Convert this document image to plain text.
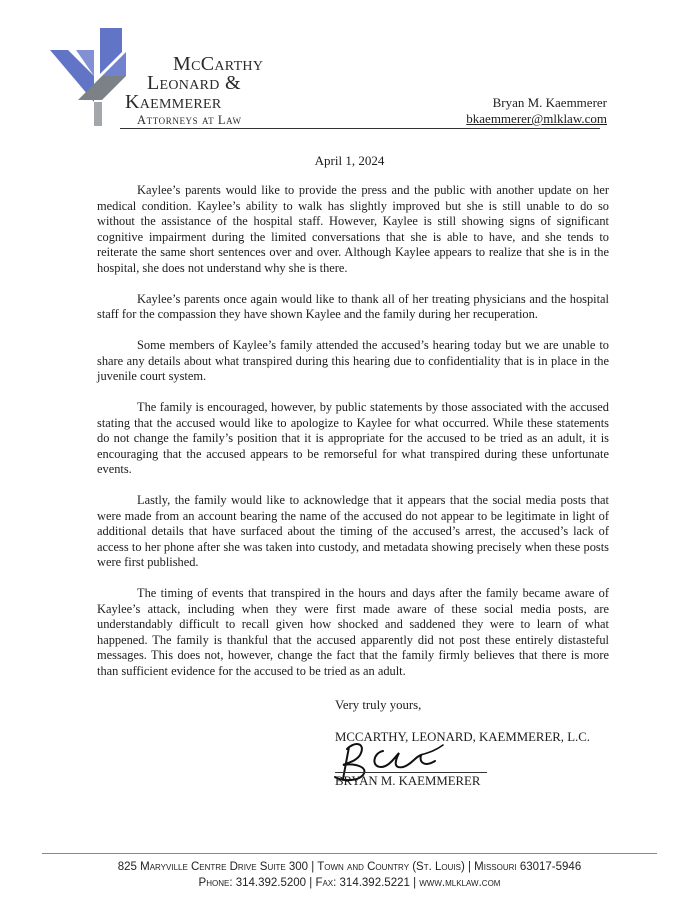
McCarthy
Leonard &
Kaemmerer
Attorneys at Law
Bryan M. Kaemmerer
bkaemmerer@mlklaw.com
April 1, 2024

Kaylee’s parents would like to provide the press and the public with another update on her medical condition. Kaylee’s ability to walk has slightly improved but she is still unable to do so without the assistance of the hospital staff. However, Kaylee is still showing signs of significant cognitive impairment during the limited conversations that she is able to have, and she tends to reiterate the same short sentences over and over. Although Kaylee appears to realize that she is in the hospital, she does not understand why she is there.

Kaylee’s parents once again would like to thank all of her treating physicians and the hospital staff for the compassion they have shown Kaylee and the family during her recuperation.

Some members of Kaylee’s family attended the accused’s hearing today but we are unable to share any details about what transpired during this hearing due to confidentiality that is in place in the juvenile court system.

The family is encouraged, however, by public statements by those associated with the accused stating that the accused would like to apologize to Kaylee for what occurred. While these statements do not change the family’s position that it is appropriate for the accused to be tried as an adult, it is encouraging that the accused appears to be remorseful for what transpired during these unfortunate events.

Lastly, the family would like to acknowledge that it appears that the social media posts that were made from an account bearing the name of the accused do not appear to be legitimate in light of additional details that have surfaced about the timing of the accused’s arrest, the accused’s lack of access to her phone after she was taken into custody, and metadata showing precisely when these posts were first published.

The timing of events that transpired in the hours and days after the family became aware of Kaylee’s attack, including when they were first made aware of these social media posts, are understandably difficult to recall given how shocked and saddened they were to learn of what happened. The family is thankful that the accused apparently did not post these entirely distasteful messages. This does not, however, change the fact that the family firmly believes that there is more than sufficient evidence for the accused to be tried as an adult.

Very truly yours,
MCCARTHY, LEONARD, KAEMMERER, L.C.
BRYAN M. KAEMMERER
825 Maryville Centre Drive Suite 300 | Town and Country (St. Louis) | Missouri 63017-5946
Phone: 314.392.5200 | Fax: 314.392.5221 | www.mlklaw.com
